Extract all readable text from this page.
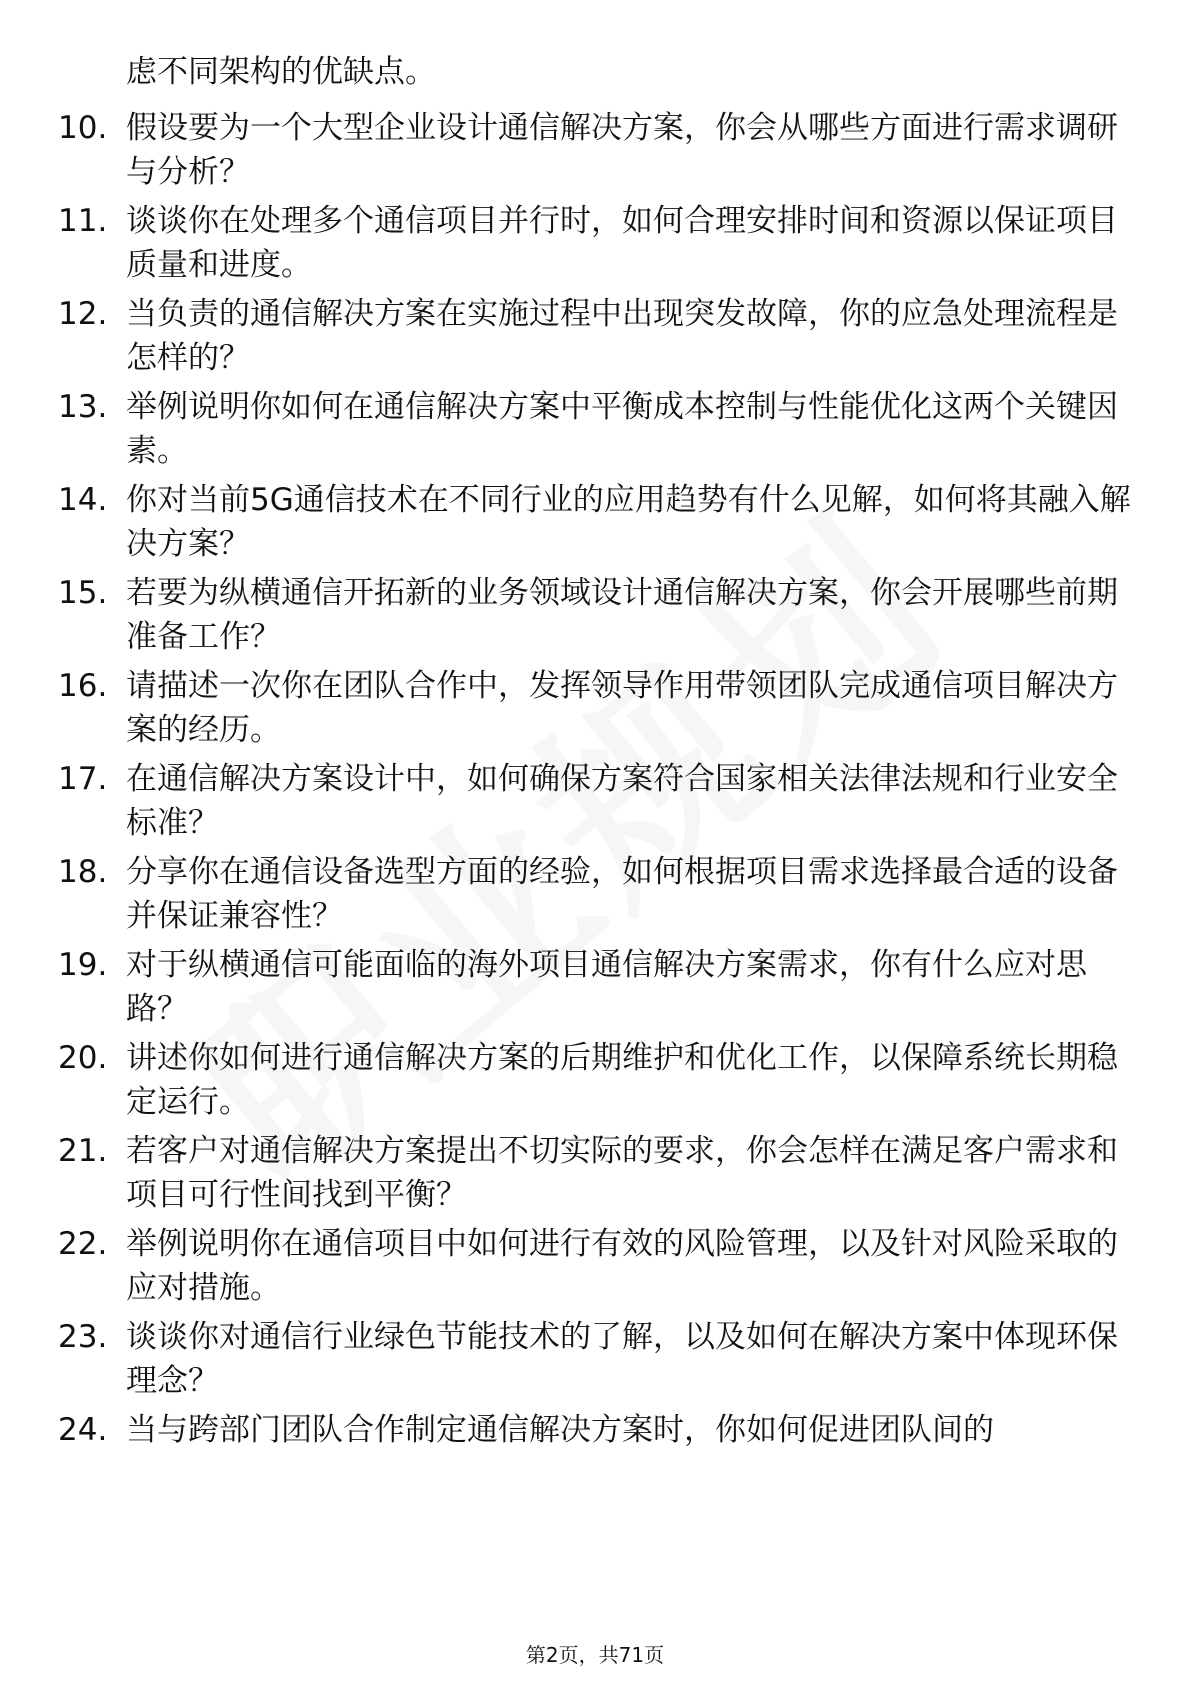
虑不同架构的优缺点。

10. 假设要为一个大型企业设计通信解决方案，你会从哪些方面进行需求调研与分析？
11. 谈谈你在处理多个通信项目并行时，如何合理安排时间和资源以保证项目质量和进度。
12. 当负责的通信解决方案在实施过程中出现突发故障，你的应急处理流程是怎样的？
13. 举例说明你如何在通信解决方案中平衡成本控制与性能优化这两个关键因素。
14. 你对当前5G通信技术在不同行业的应用趋势有什么见解，如何将其融入解决方案？
15. 若要为纵横通信开拓新的业务领域设计通信解决方案，你会开展哪些前期准备工作？
16. 请描述一次你在团队合作中，发挥领导作用带领团队完成通信项目解决方案的经历。
17. 在通信解决方案设计中，如何确保方案符合国家相关法律法规和行业安全标准？
18. 分享你在通信设备选型方面的经验，如何根据项目需求选择最合适的设备并保证兼容性？
19. 对于纵横通信可能面临的海外项目通信解决方案需求，你有什么应对思路？
20. 讲述你如何进行通信解决方案的后期维护和优化工作，以保障系统长期稳定运行。
21. 若客户对通信解决方案提出不切实际的要求，你会怎样在满足客户需求和项目可行性间找到平衡？
22. 举例说明你在通信项目中如何进行有效的风险管理，以及针对风险采取的应对措施。
23. 谈谈你对通信行业绿色节能技术的了解，以及如何在解决方案中体现环保理念？
24. 当与跨部门团队合作制定通信解决方案时，你如何促进团队间的
第2页，共71页
